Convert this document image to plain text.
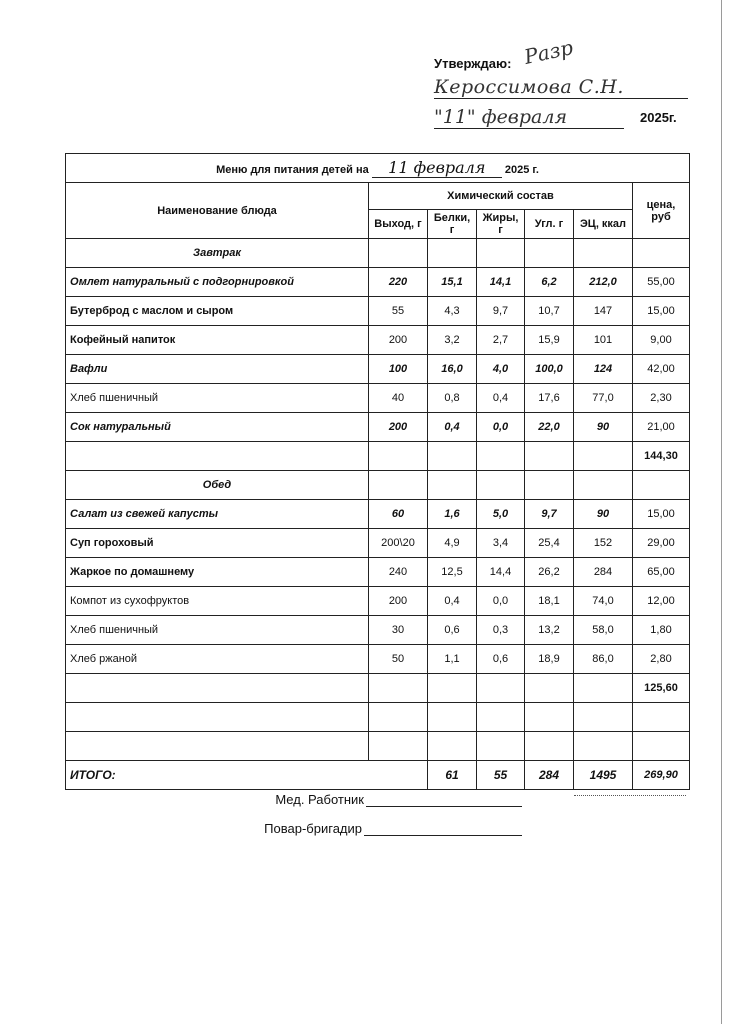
Утверждаю: Разр
Кероссимова С.Н.
"11" февраля	2025г.
Меню для питания детей на 11 февраля 2025 г.						
Наименование блюда	Химический состав					цена, руб
	Выход, г	Белки, г	Жиры, г	Угл. г	ЭЦ, ккал	
Завтрак						
Омлет натуральный с подгорнировкой	220	15,1	14,1	6,2	212,0	55,00
Бутерброд с маслом и сыром	55	4,3	9,7	10,7	147	15,00
Кофейный напиток	200	3,2	2,7	15,9	101	9,00
Вафли	100	16,0	4,0	100,0	124	42,00
Хлеб пшеничный	40	0,8	0,4	17,6	77,0	2,30
Сок натуральный	200	0,4	0,0	22,0	90	21,00
						144,30
Обед						
Салат из свежей капусты	60	1,6	5,0	9,7	90	15,00
Суп гороховый	200\20	4,9	3,4	25,4	152	29,00
Жаркое по домашнему	240	12,5	14,4	26,2	284	65,00
Компот из сухофруктов	200	0,4	0,0	18,1	74,0	12,00
Хлеб пшеничный	30	0,6	0,3	13,2	58,0	1,80
Хлеб ржаной	50	1,1	0,6	18,9	86,0	2,80
						125,60

ИТОГО:		61	55	284	1495	269,90
Мед. Работник
Повар-бригадир
